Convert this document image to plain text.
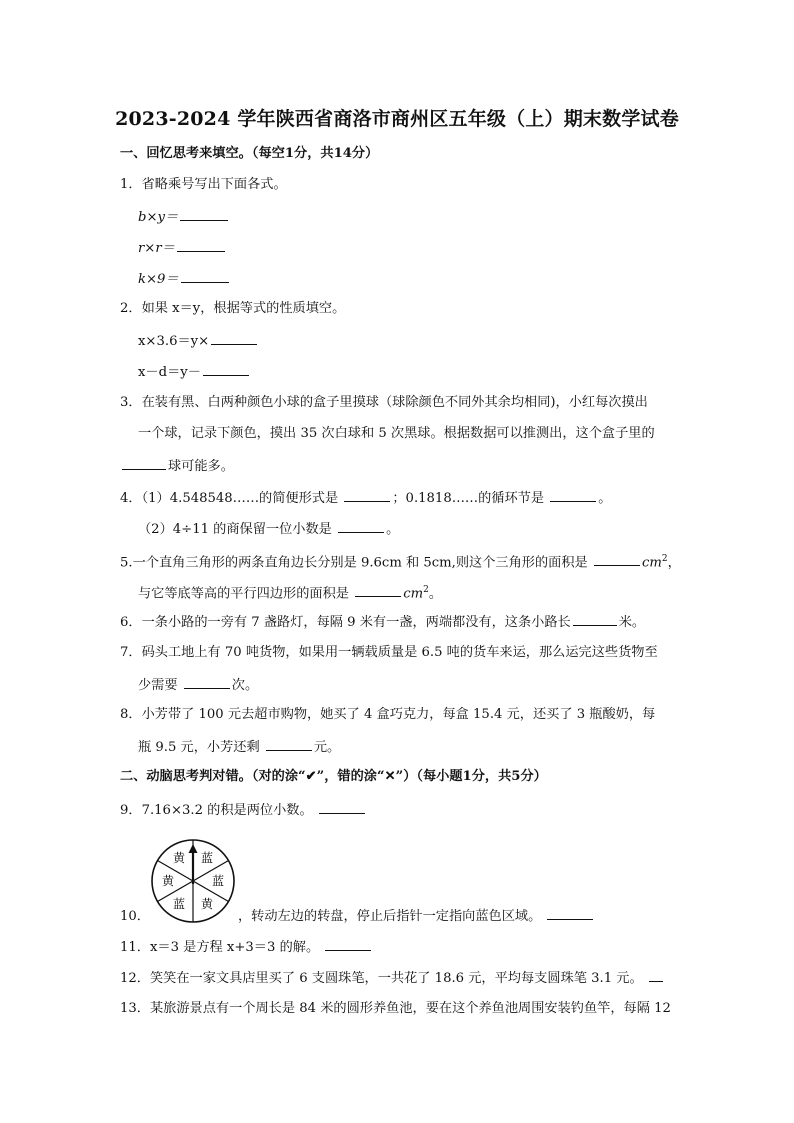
2023-2024 学年陕西省商洛市商州区五年级（上）期末数学试卷
一、回忆思考来填空。（每空1分，共14分）
1．省略乘号写出下面各式。
b×y＝
r×r＝
k×9＝
2．如果 x＝y，根据等式的性质填空。
x×3.6＝y×
x－d＝y－
3．在装有黑、白两种颜色小球的盒子里摸球（球除颜色不同外其余均相同)，小红每次摸出
一个球，记录下颜色，摸出 35 次白球和 5 次黑球。根据数据可以推测出，这个盒子里的
球可能多。
4．（1）4.548548……的简便形式是	；0.1818……的循环节是	。
（2）4÷11 的商保留一位小数是	。
5.一个直角三角形的两条直角边长分别是 9.6cm 和 5cm,则这个三角形的面积是	$cm^2$，
与它等底等高的平行四边形的面积是	$cm^2$。
6．一条小路的一旁有 7 盏路灯，每隔 9 米有一盏，两端都没有，这条小路长	米。
7．码头工地上有 70 吨货物，如果用一辆载质量是 6.5 吨的货车来运，那么运完这些货物至
少需要	次。
8．小芳带了 100 元去超市购物，她买了 4 盒巧克力，每盒 15.4 元，还买了 3 瓶酸奶，每
瓶 9.5 元，小芳还剩	元。
二、动脑思考判对错。（对的涂“✔”，错的涂“✕”）（每小题1分，共5分）
9．7.16×3.2 的积是两位小数。
蓝
蓝
黄
蓝
黄
黄
10．	，转动左边的转盘，停止后指针一定指向蓝色区域。
11．x＝3 是方程 x+3＝3 的解。
12．笑笑在一家文具店里买了 6 支圆珠笔，一共花了 18.6 元，平均每支圆珠笔 3.1 元。
13．某旅游景点有一个周长是 84 米的圆形养鱼池，要在这个养鱼池周围安装钓鱼竿，每隔 12
